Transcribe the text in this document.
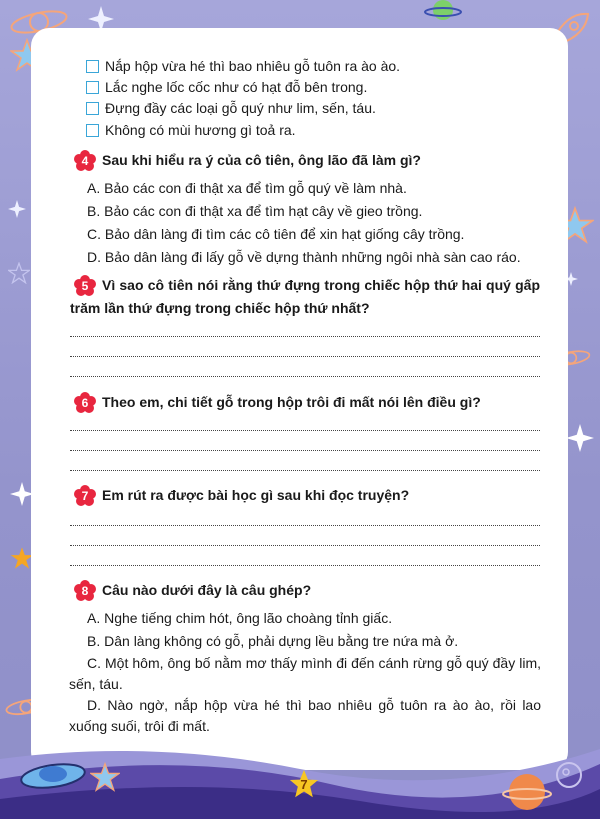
Nắp hộp vừa hé thì bao nhiêu gỗ tuôn ra ào ào.
Lắc nghe lốc cốc như có hạt đỗ bên trong.
Đựng đầy các loại gỗ quý như lim, sến, táu.
Không có mùi hương gì toả ra.
4 Sau khi hiểu ra ý của cô tiên, ông lão đã làm gì?
A. Bảo các con đi thật xa để tìm gỗ quý về làm nhà.
B. Bảo các con đi thật xa để tìm hạt cây về gieo trồng.
C. Bảo dân làng đi tìm các cô tiên để xin hạt giống cây trồng.
D. Bảo dân làng đi lấy gỗ về dựng thành những ngôi nhà sàn cao ráo.
5 Vì sao cô tiên nói rằng thứ đựng trong chiếc hộp thứ hai quý gấp
trăm lần thứ đựng trong chiếc hộp thứ nhất?
6 Theo em, chi tiết gỗ trong hộp trôi đi mất nói lên điều gì?
7 Em rút ra được bài học gì sau khi đọc truyện?
8 Câu nào dưới đây là câu ghép?
A. Nghe tiếng chim hót, ông lão choàng tỉnh giấc.
B. Dân làng không có gỗ, phải dựng lều bằng tre nứa mà ở.
C. Một hôm, ông bố nằm mơ thấy mình đi đến cánh rừng gỗ quý đầy lim, sến, táu.
D. Nào ngờ, nắp hộp vừa hé thì bao nhiêu gỗ tuôn ra ào ào, rồi lao xuống suối, trôi đi mất.
7
